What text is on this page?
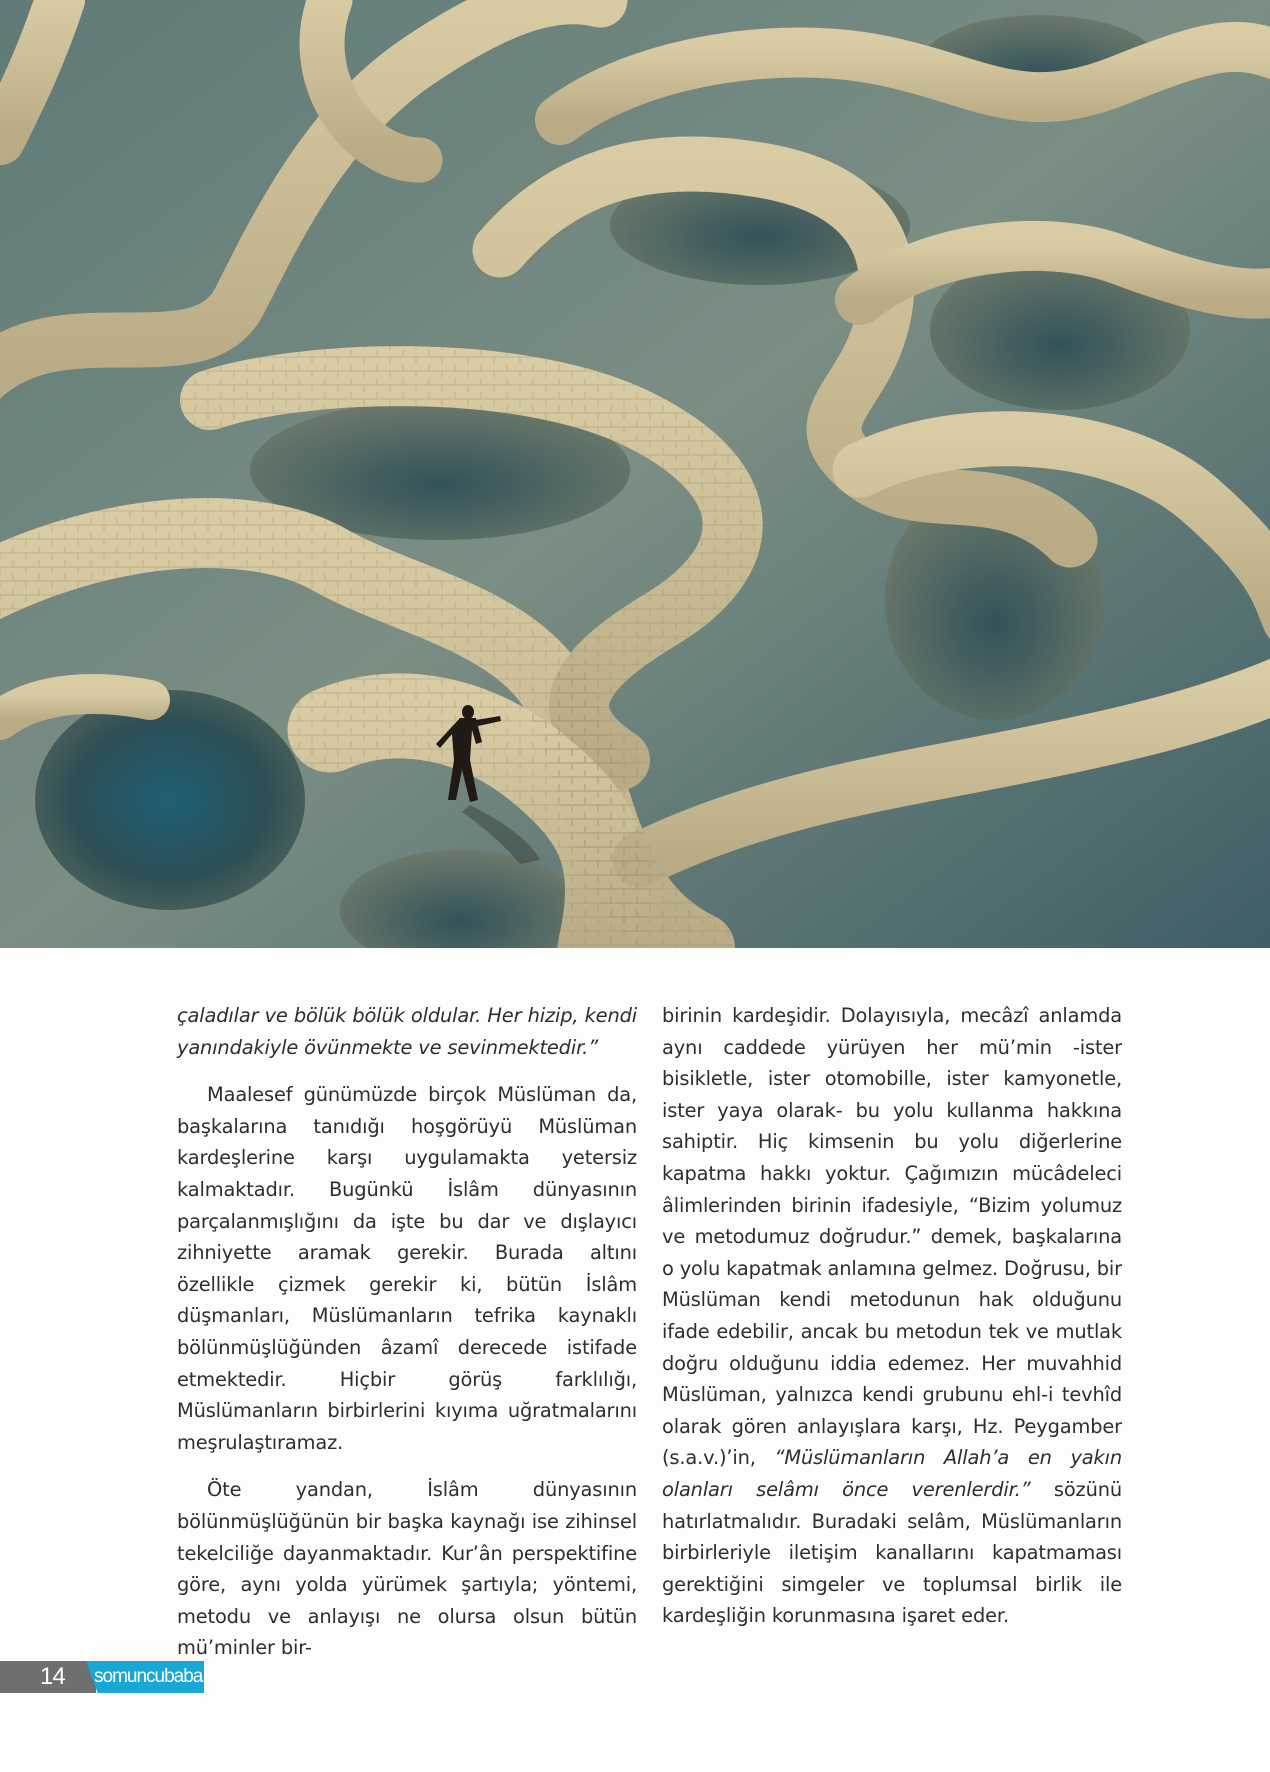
çaladılar ve bölük bölük oldular. Her hizip, kendi yanındakiyle övünmekte ve sevinmektedir.”

Maalesef günümüzde birçok Müslüman da, başkalarına tanıdığı hoşgörüyü Müslüman kardeşlerine karşı uygulamakta yetersiz kalmaktadır. Bugünkü İslâm dünyasının parçalanmışlığını da işte bu dar ve dışlayıcı zihniyette aramak gerekir. Burada altını özellikle çizmek gerekir ki, bütün İslâm düşmanları, Müslümanların tefrika kaynaklı bölünmüşlüğünden âzamî derecede istifade etmektedir. Hiçbir görüş farklılığı, Müslümanların birbirlerini kıyıma uğratmalarını meşrulaştıramaz.

Öte yandan, İslâm dünyasının bölünmüşlüğünün bir başka kaynağı ise zihinsel tekelciliğe dayanmaktadır. Kur’ân perspektifine göre, aynı yolda yürümek şartıyla; yöntemi, metodu ve anlayışı ne olursa olsun bütün mü’minler bir-

birinin kardeşidir. Dolayısıyla, mecâzî anlamda aynı caddede yürüyen her mü’min -ister bisikletle, ister otomobille, ister kamyonetle, ister yaya olarak- bu yolu kullanma hakkına sahiptir. Hiç kimsenin bu yolu diğerlerine kapatma hakkı yoktur. Çağımızın mücâdeleci âlimlerinden birinin ifadesiyle, “Bizim yolumuz ve metodumuz doğrudur.” demek, başkalarına o yolu kapatmak anlamına gelmez. Doğrusu, bir Müslüman kendi metodunun hak olduğunu ifade edebilir, ancak bu metodun tek ve mutlak doğru olduğunu iddia edemez. Her muvahhid Müslüman, yalnızca kendi grubunu ehl-i tevhîd olarak gören anlayışlara karşı, Hz. Peygamber (s.a.v.)’in, “Müslümanların Allah’a en yakın olanları selâmı önce verenlerdir.” sözünü hatırlatmalıdır. Buradaki selâm, Müslümanların birbirleriyle iletişim kanallarını kapatmaması gerektiğini simgeler ve toplumsal birlik ile kardeşliğin korunmasına işaret eder.

14 somuncubaba
